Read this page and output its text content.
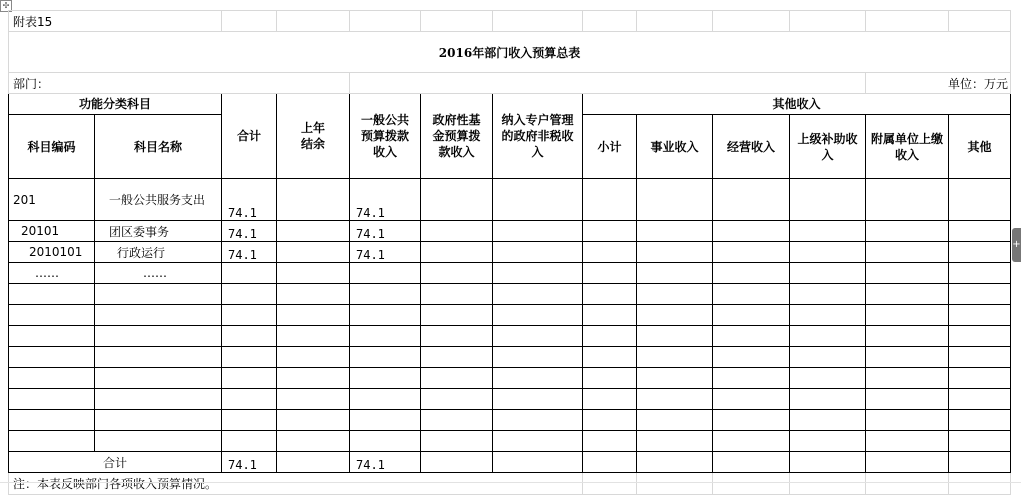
✣
附表15												
2016年部门收入预算总表												
部门：											单位：万元	
功能分类科目		合计	上年结余	一般公共预算拨款收入	政府性基金预算拨款收入	纳入专户管理的政府非税收入	其他收入					
科目编码	科目名称						小计	事业收入	经营收入	上级补助收入	附属单位上缴收入	其他
201	一般公共服务支出	74.1		74.1								
20101	团区委事务	74.1		74.1								
2010101	行政运行	74.1		74.1								
……	……											

合计		74.1		74.1								
注：本表反映部门各项收入预算情况。												
+
